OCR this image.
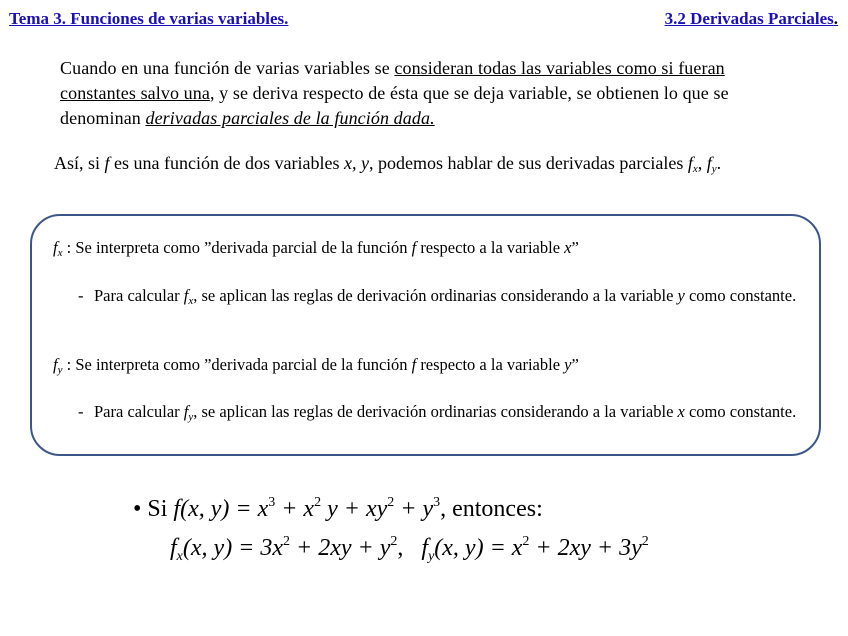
Tema 3. Funciones de varias variables.	3.2 Derivadas Parciales.
Cuando en una función de varias variables se consideran todas las variables como si fueran constantes salvo una, y se deriva respecto de ésta que se deja variable, se obtienen lo que se denominan derivadas parciales de la función dada.
Así, si f es una función de dos variables x, y, podemos hablar de sus derivadas parciales $f_x$, $f_y$.
$f_x$ : Se interpreta como ”derivada parcial de la función f respecto a la variable x”
- Para calcular $f_x$, se aplican las reglas de derivación ordinarias considerando a la variable y como constante.
$f_y$ : Se interpreta como ”derivada parcial de la función f respecto a la variable y”
- Para calcular $f_y$, se aplican las reglas de derivación ordinarias considerando a la variable x como constante.
• Si f(x, $y) = x^3 + x^2$ $y + xy^2 + y^3$, entonces:
$f_x(x$, $y) = 3x^2 + 2xy + y^2$, $f_y(x$, $y) = x^2 + 2xy + 3y^2$
